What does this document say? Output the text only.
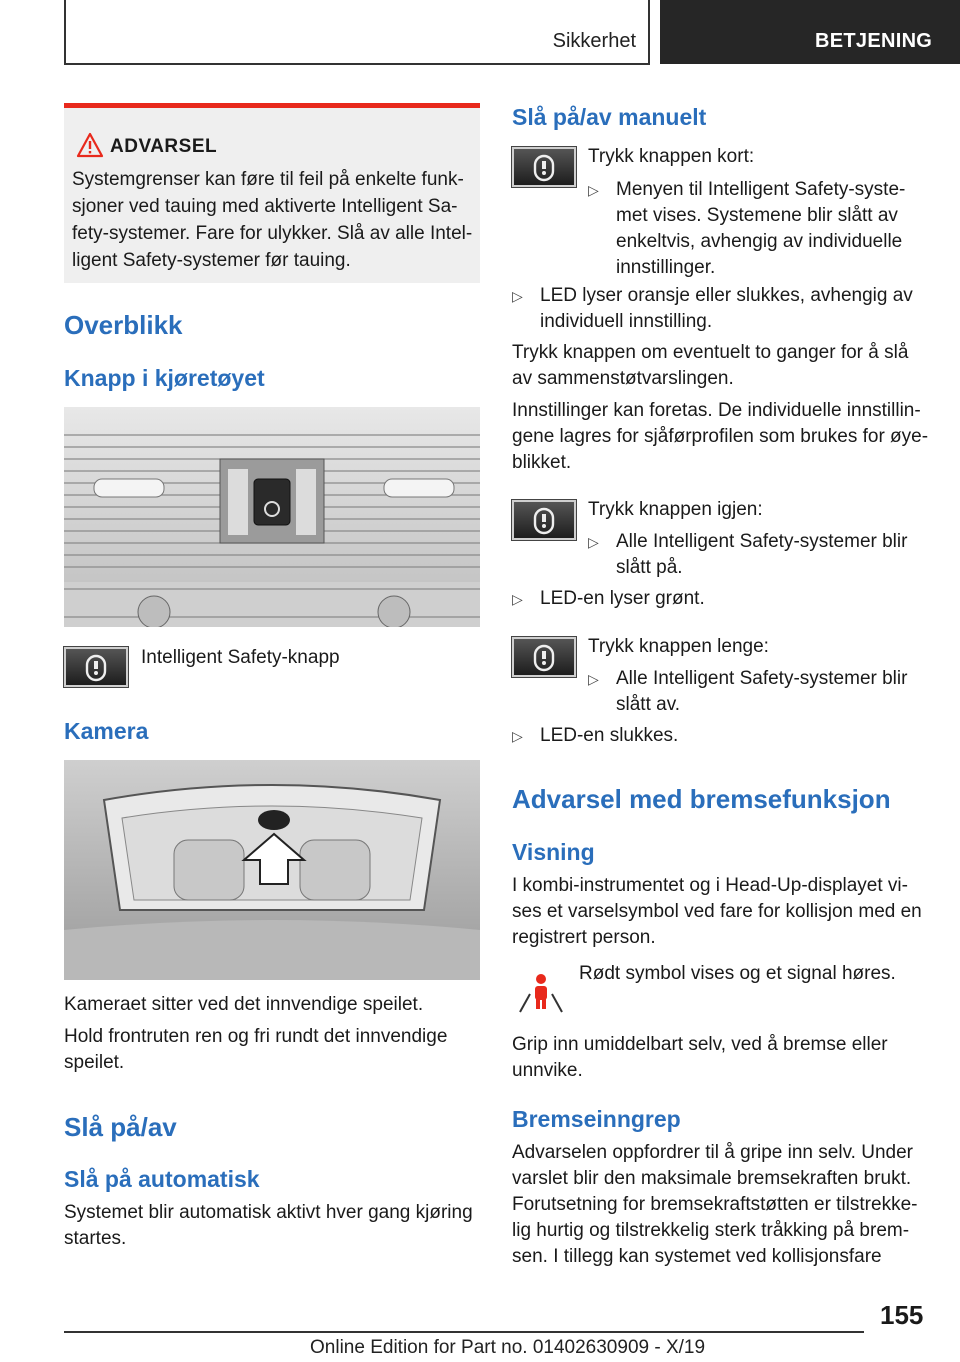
Sikkerhet	BETJENING
ADVARSEL
Systemgrenser kan føre til feil på enkelte funk-
sjoner ved tauing med aktiverte Intelligent Sa-
fety-systemer. Fare for ulykker. Slå av alle Intel-
ligent Safety-systemer før tauing.
Overblikk
Knapp i kjøretøyet
Intelligent Safety-knapp
Kamera
Kameraet sitter ved det innvendige speilet.
Hold frontruten ren og fri rundt det innvendige
speilet.
Slå på/av
Slå på automatisk
Systemet blir automatisk aktivt hver gang kjøring
startes.
Slå på/av manuelt
Trykk knappen kort:
▷ Menyen til Intelligent Safety-syste-
met vises. Systemene blir slått av
enkeltvis, avhengig av individuelle
innstillinger.
▷ LED lyser oransje eller slukkes, avhengig av
individuell innstilling.
Trykk knappen om eventuelt to ganger for å slå
av sammenstøtvarslingen.
Innstillinger kan foretas. De individuelle innstillin-
gene lagres for sjåførprofilen som brukes for øye-
blikket.
Trykk knappen igjen:
▷ Alle Intelligent Safety-systemer blir
slått på.
▷ LED-en lyser grønt.
Trykk knappen lenge:
▷ Alle Intelligent Safety-systemer blir
slått av.
▷ LED-en slukkes.
Advarsel med bremsefunksjon
Visning
I kombi-instrumentet og i Head-Up-displayet vi-
ses et varselsymbol ved fare for kollisjon med en
registrert person.
Rødt symbol vises og et signal høres.
Grip inn umiddelbart selv, ved å bremse eller
unnvike.
Bremseinngrep
Advarselen oppfordrer til å gripe inn selv. Under
varslet blir den maksimale bremsekraften brukt.
Forutsetning for bremsekraftstøtten er tilstrekke-
lig hurtig og tilstrekkelig sterk tråkking på brem-
sen. I tillegg kan systemet ved kollisjonsfare
155
Online Edition for Part no. 01402630909 - X/19
